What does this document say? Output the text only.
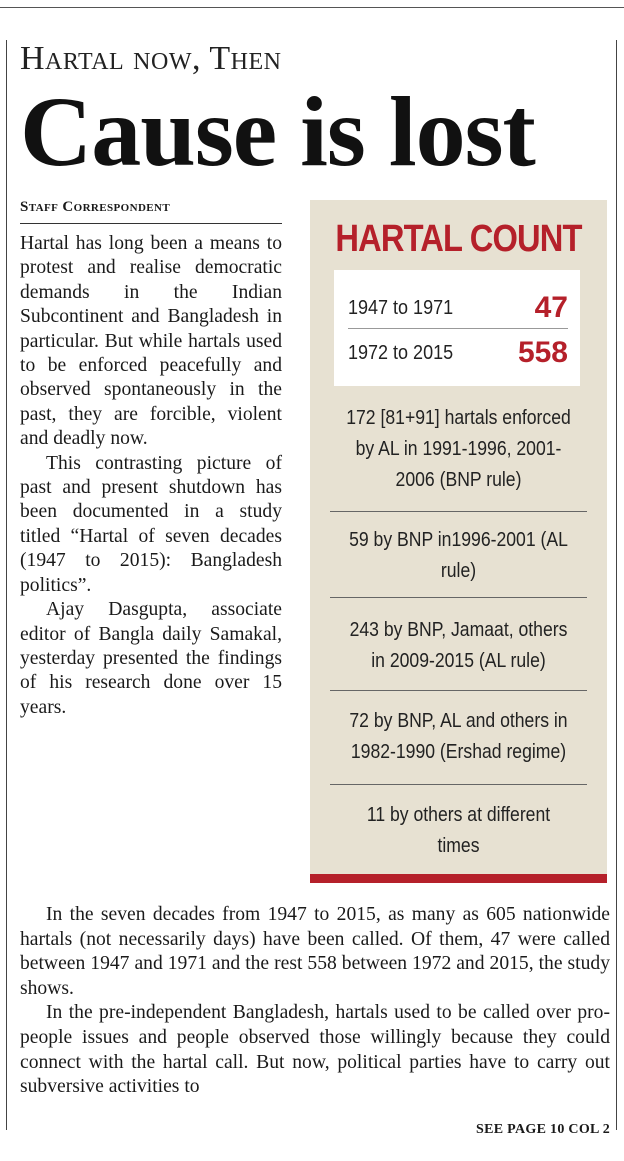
Hartal now, Then
Cause is lost
Staff Correspondent

Hartal has long been a means to protest and realise democratic demands in the Indian Subcontinent and Bangladesh in particular. But while hartals used to be enforced peacefully and observed spontaneously in the past, they are forcible, violent and deadly now.

This contrasting picture of past and present shutdown has been documented in a study titled “Hartal of seven decades (1947 to 2015): Bangladesh politics”.

Ajay Dasgupta, associate editor of Bangla daily Samakal, yesterday presented the findings of his research done over 15 years.

HARTAL COUNT
1947 to 1971	47
1972 to 2015 558
172 [81+91] hartals enforced by AL in 1991-1996, 2001-2006 (BNP rule)
59 by BNP in1996-2001 (AL rule)
243 by BNP, Jamaat, others in 2009-2015 (AL rule)
72 by BNP, AL and others in 1982-1990 (Ershad regime)
11 by others at different times

In the seven decades from 1947 to 2015, as many as 605 nationwide hartals (not necessarily days) have been called. Of them, 47 were called between 1947 and 1971 and the rest 558 between 1972 and 2015, the study shows.

In the pre-independent Bangladesh, hartals used to be called over pro-people issues and people observed those willingly because they could connect with the hartal call. But now, political parties have to carry out subversive activities to

SEE PAGE 10 COL 2
